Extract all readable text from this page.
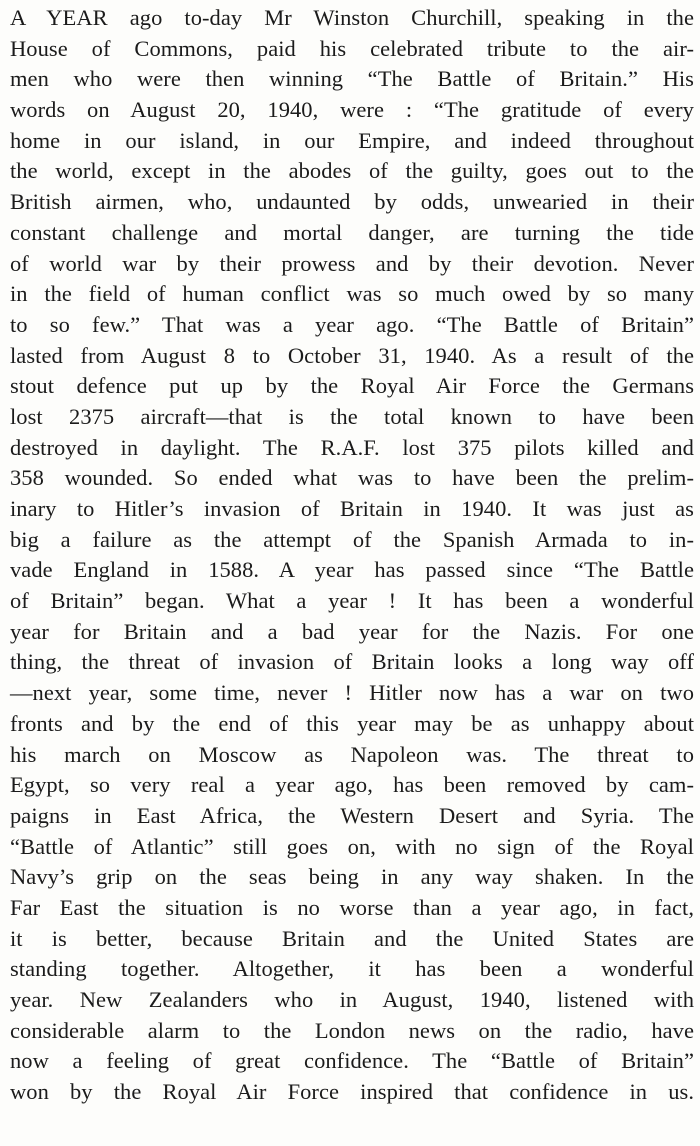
A YEAR ago to-day Mr Winston Churchill, speaking in the
House of Commons, paid his celebrated tribute to the air-
men who were then winning “The Battle of Britain.” His
words on August 20, 1940, were : “The gratitude of every
home in our island, in our Empire, and indeed throughout
the world, except in the abodes of the guilty, goes out to the
British airmen, who, undaunted by odds, unwearied in their
constant challenge and mortal danger, are turning the tide
of world war by their prowess and by their devotion. Never
in the field of human conflict was so much owed by so many
to so few.” That was a year ago. “The Battle of Britain”
lasted from August 8 to October 31, 1940. As a result of the
stout defence put up by the Royal Air Force the Germans
lost 2375 aircraft—that is the total known to have been
destroyed in daylight. The R.A.F. lost 375 pilots killed and
358 wounded. So ended what was to have been the prelim-
inary to Hitler’s invasion of Britain in 1940. It was just as
big a failure as the attempt of the Spanish Armada to in-
vade England in 1588. A year has passed since “The Battle
of Britain” began. What a year ! It has been a wonderful
year for Britain and a bad year for the Nazis. For one
thing, the threat of invasion of Britain looks a long way off
—next year, some time, never ! Hitler now has a war on two
fronts and by the end of this year may be as unhappy about
his march on Moscow as Napoleon was. The threat to
Egypt, so very real a year ago, has been removed by cam-
paigns in East Africa, the Western Desert and Syria. The
“Battle of Atlantic” still goes on, with no sign of the Royal
Navy’s grip on the seas being in any way shaken. In the
Far East the situation is no worse than a year ago, in fact,
it is better, because Britain and the United States are
standing together. Altogether, it has been a wonderful
year. New Zealanders who in August, 1940, listened with
considerable alarm to the London news on the radio, have
now a feeling of great confidence. The “Battle of Britain”
won by the Royal Air Force inspired that confidence in us.
